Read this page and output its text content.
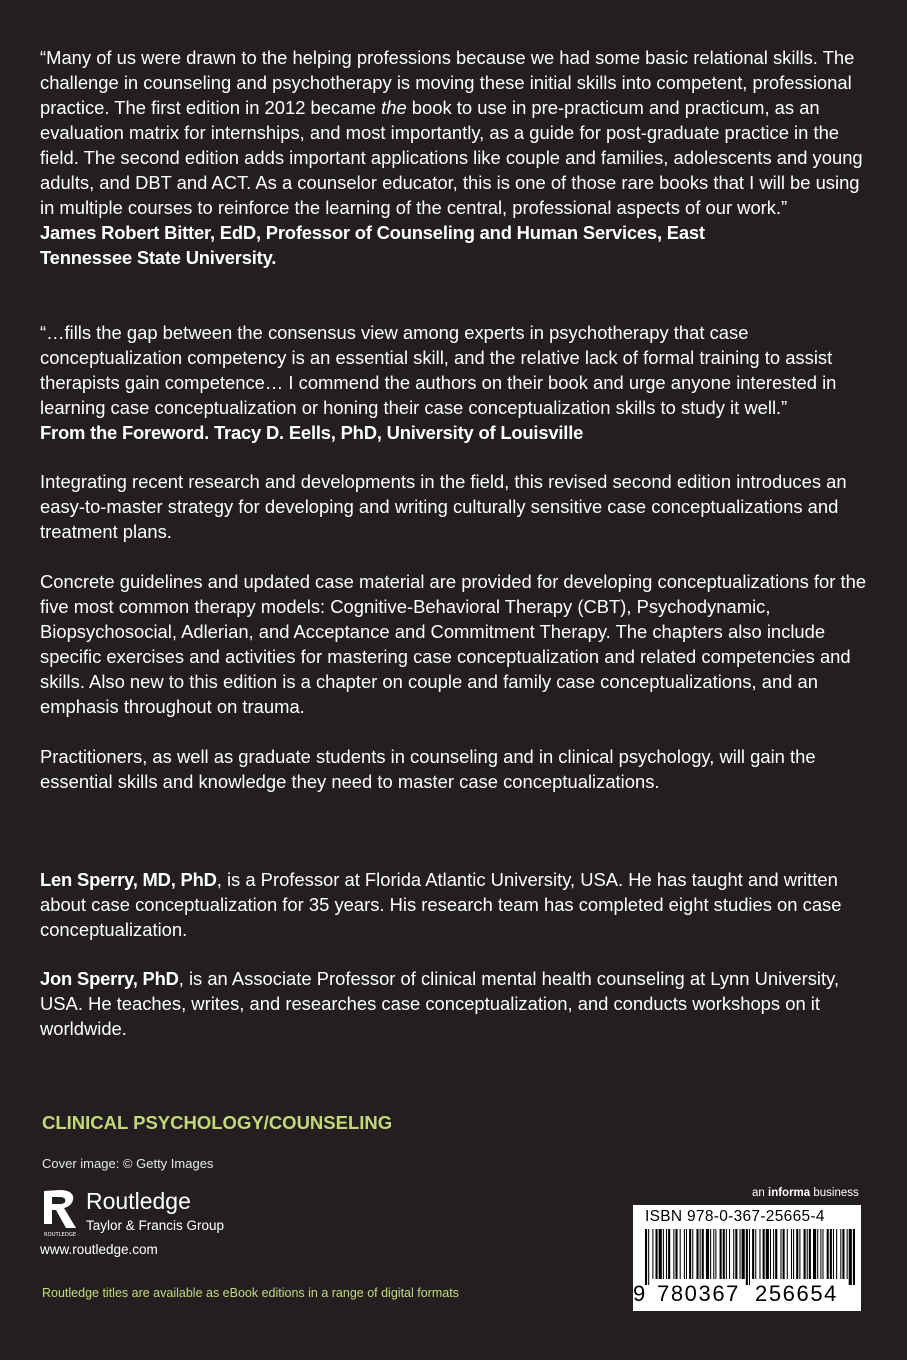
“Many of us were drawn to the helping professions because we had some basic relational skills. The challenge in counseling and psychotherapy is moving these initial skills into competent, professional practice. The first edition in 2012 became the book to use in pre-practicum and practicum, as an evaluation matrix for internships, and most importantly, as a guide for post-graduate practice in the field. The second edition adds important applications like couple and families, adolescents and young adults, and DBT and ACT. As a counselor educator, this is one of those rare books that I will be using in multiple courses to reinforce the learning of the central, professional aspects of our work.”
James Robert Bitter, EdD, Professor of Counseling and Human Services, East Tennessee State University.

“…fills the gap between the consensus view among experts in psychotherapy that case conceptualization competency is an essential skill, and the relative lack of formal training to assist therapists gain competence… I commend the authors on their book and urge anyone interested in learning case conceptualization or honing their case conceptualization skills to study it well.”
From the Foreword. Tracy D. Eells, PhD, University of Louisville

Integrating recent research and developments in the field, this revised second edition introduces an easy-to-master strategy for developing and writing culturally sensitive case conceptualizations and treatment plans.

Concrete guidelines and updated case material are provided for developing conceptualizations for the five most common therapy models: Cognitive-Behavioral Therapy (CBT), Psychodynamic, Biopsychosocial, Adlerian, and Acceptance and Commitment Therapy. The chapters also include specific exercises and activities for mastering case conceptualization and related competencies and skills. Also new to this edition is a chapter on couple and family case conceptualizations, and an emphasis throughout on trauma.

Practitioners, as well as graduate students in counseling and in clinical psychology, will gain the essential skills and knowledge they need to master case conceptualizations.

Len Sperry, MD, PhD, is a Professor at Florida Atlantic University, USA. He has taught and written about case conceptualization for 35 years. His research team has completed eight studies on case conceptualization.

Jon Sperry, PhD, is an Associate Professor of clinical mental health counseling at Lynn University, USA. He teaches, writes, and researches case conceptualization, and conducts workshops on it worldwide.

CLINICAL PSYCHOLOGY/COUNSELING
Cover image: © Getty Images
ROUTLEDGE
Routledge
Taylor & Francis Group
www.routledge.com
Routledge titles are available as eBook editions in a range of digital formats
an informa business
ISBN 978-0-367-25665-4
9 780367 256654
